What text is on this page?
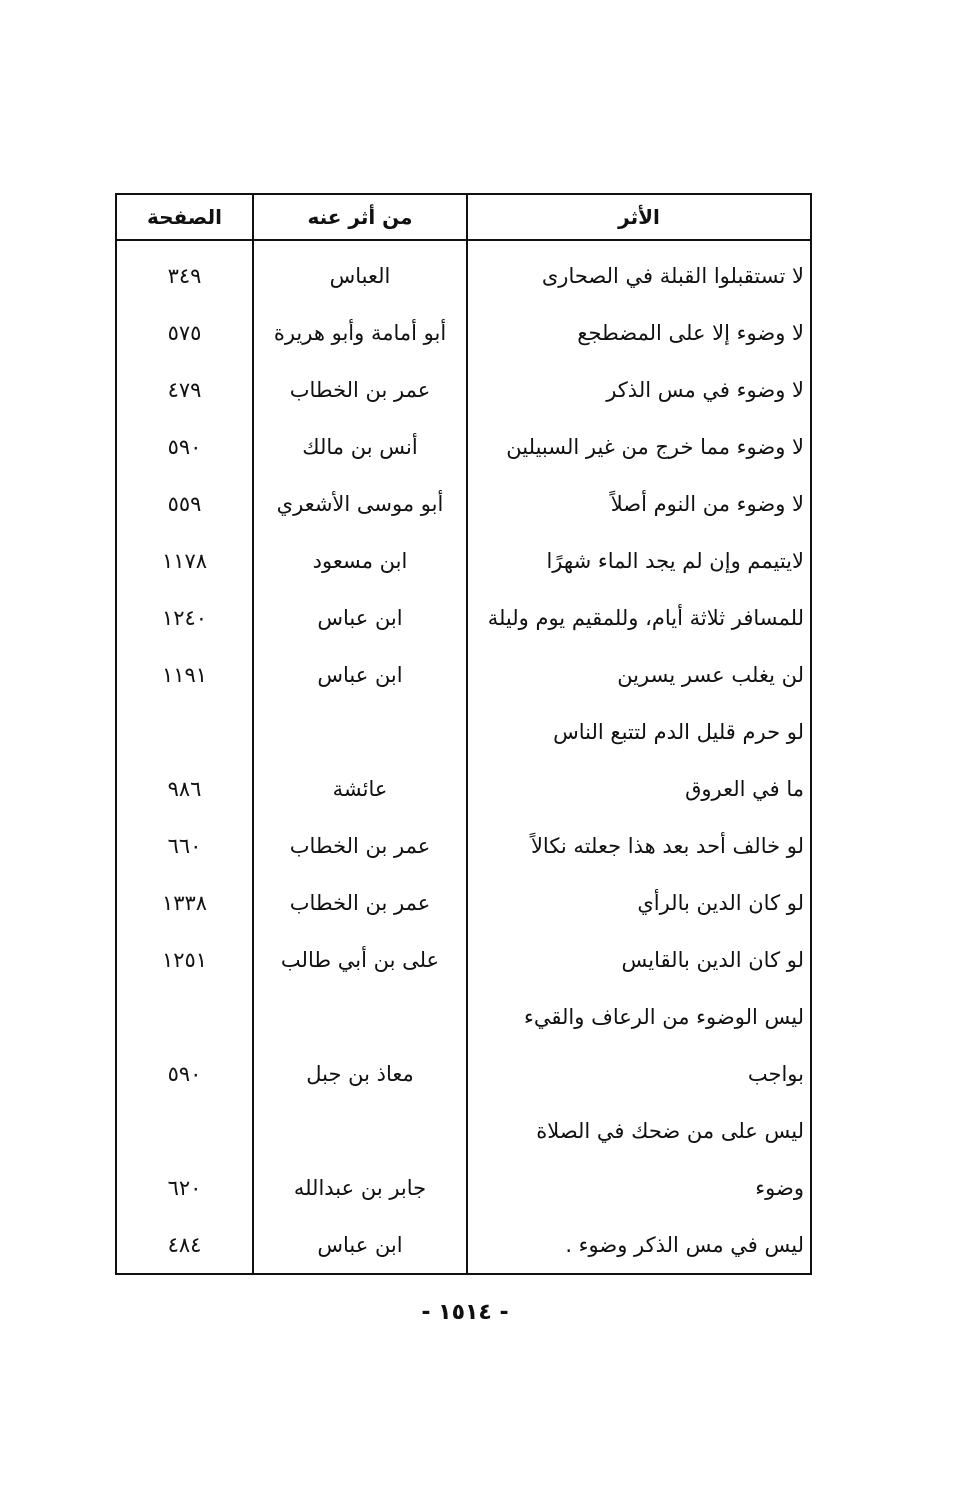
الأثر	من أثر عنه	الصفحة
لا تستقبلوا القبلة في الصحارى	العباس	٣٤٩
لا وضوء إلا على المضطجع	أبو أمامة وأبو هريرة	٥٧٥
لا وضوء في مس الذكر	عمر بن الخطاب	٤٧٩
لا وضوء مما خرج من غير السبيلين	أنس بن مالك	٥٩٠
لا وضوء من النوم أصلاً	أبو موسى الأشعري	٥٥٩
لايتيمم وإن لم يجد الماء شهرًا	ابن مسعود	١١٧٨
للمسافر ثلاثة أيام، وللمقيم يوم وليلة	ابن عباس	١٢٤٠
لن يغلب عسر يسرين	ابن عباس	١١٩١
لو حرم قليل الدم لتتبع الناس		
ما في العروق	عائشة	٩٨٦
لو خالف أحد بعد هذا جعلته نكالاً	عمر بن الخطاب	٦٦٠
لو كان الدين بالرأي	عمر بن الخطاب	١٣٣٨
لو كان الدين بالقايس	على بن أبي طالب	١٢٥١
ليس الوضوء من الرعاف والقيء		
بواجب	معاذ بن جبل	٥٩٠
ليس على من ضحك في الصلاة		
وضوء	جابر بن عبدالله	٦٢٠
ليس في مس الذكر وضوء .	ابن عباس	٤٨٤
- ١٥١٤ -
